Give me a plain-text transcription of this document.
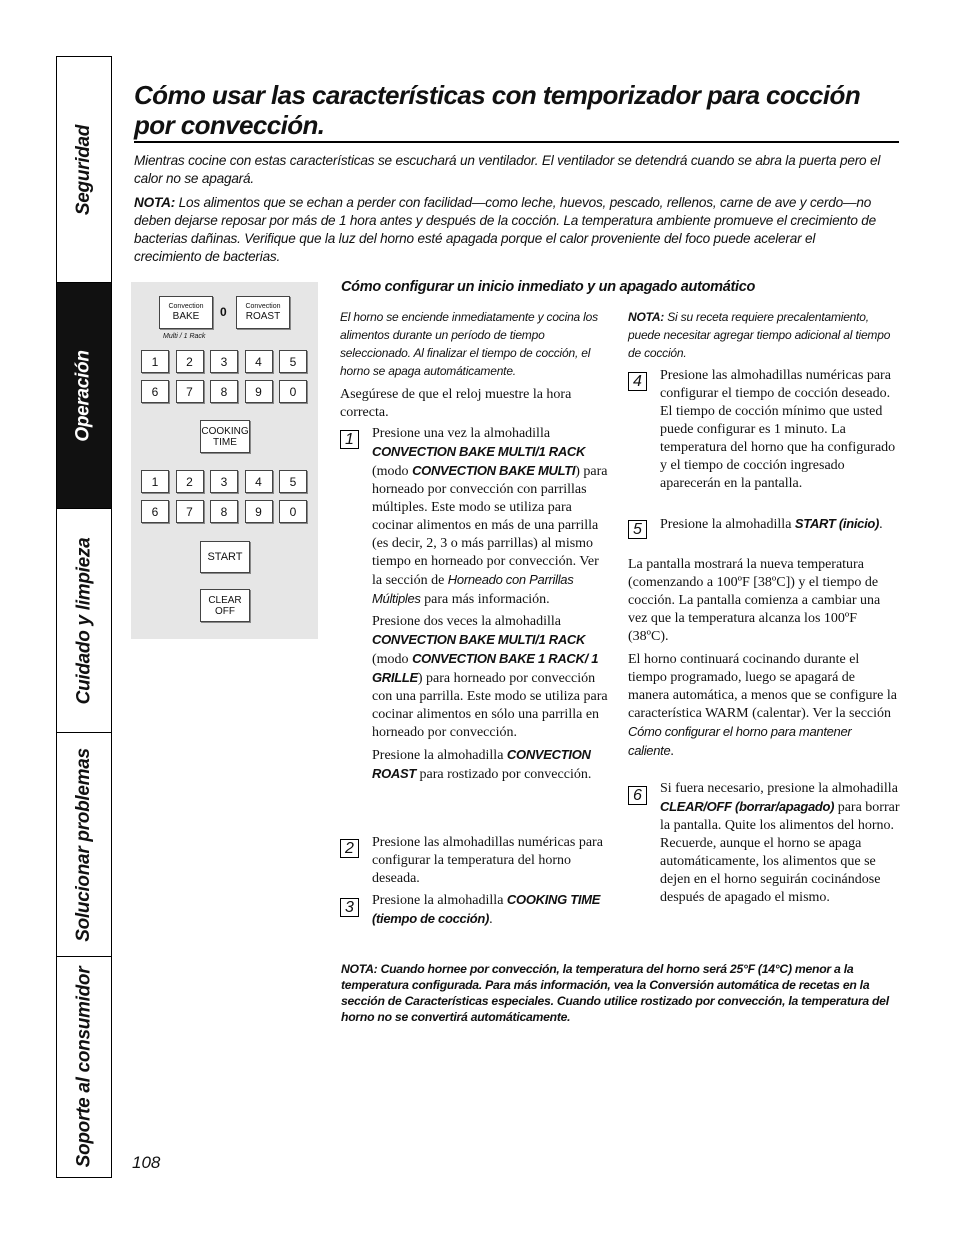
Seguridad
Operación
Cuidado y limpieza
Solucionar problemas
Soporte al consumidor
Cómo usar las características con temporizador para cocción por convección.

Mientras cocine con estas características se escuchará un ventilador. El ventilador se detendrá cuando se abra la puerta pero el calor no se apagará.

NOTA: Los alimentos que se echan a perder con facilidad—como leche, huevos, pescado, rellenos, carne de ave y cerdo—no deben dejarse reposar por más de 1 hora antes y después de la cocción. La temperatura ambiente promueve el crecimiento de bacterias dañinas. Verifique que la luz del horno esté apagada porque el calor proveniente del foco puede acelerar el crecimiento de bacterias.

Convection
BAKE
Multi / 1 Rack
0	Convection
ROAST
1	2	3	4	5
6	7	8	9	0
COOKING
TIME
1	2	3	4	5
6	7	8	9	0
START
CLEAR
OFF
Cómo configurar un inicio inmediato y un apagado automático
El horno se enciende inmediatamente y cocina los alimentos durante un período de tiempo seleccionado. Al finalizar el tiempo de cocción, el horno se apaga automáticamente.
Asegúrese de que el reloj muestre la hora correcta.
1	Presione una vez la almohadilla CONVECTION BAKE MULTI/1 RACK (modo CONVECTION BAKE MULTI) para horneado por convección con parrillas múltiples. Este modo se utiliza para cocinar alimentos en más de una parrilla (es decir, 2, 3 o más parrillas) al mismo tiempo en horneado por convección. Ver la sección de Horneado con Parrillas Múltiples para más información.
Presione dos veces la almohadilla CONVECTION BAKE MULTI/1 RACK (modo CONVECTION BAKE 1 RACK/ 1 GRILLE) para horneado por convección con una parrilla. Este modo se utiliza para cocinar alimentos en sólo una parrilla en horneado por convección.
Presione la almohadilla CONVECTION ROAST para rostizado por convección.
2	Presione las almohadillas numéricas para configurar la temperatura del horno deseada.
3	Presione la almohadilla COOKING TIME (tiempo de cocción).
NOTA: Si su receta requiere precalentamiento, puede necesitar agregar tiempo adicional al tiempo de cocción.
4	Presione las almohadillas numéricas para configurar el tiempo de cocción deseado. El tiempo de cocción mínimo que usted puede configurar es 1 minuto. La temperatura del horno que ha configurado y el tiempo de cocción ingresado aparecerán en la pantalla.
5	Presione la almohadilla START (inicio).
La pantalla mostrará la nueva temperatura (comenzando a 100ºF [38ºC]) y el tiempo de cocción. La pantalla comienza a cambiar una vez que la temperatura alcanza los 100ºF (38ºC).
El horno continuará cocinando durante el tiempo programado, luego se apagará de manera automática, a menos que se configure la característica WARM (calentar). Ver la sección Cómo configurar el horno para mantener caliente.
6	Si fuera necesario, presione la almohadilla CLEAR/OFF (borrar/apagado) para borrar la pantalla. Quite los alimentos del horno. Recuerde, aunque el horno se apaga automáticamente, los alimentos que se dejen en el horno seguirán cocinándose después de apagado el mismo.
NOTA: Cuando hornee por convección, la temperatura del horno será 25°F (14°C) menor a la temperatura configurada. Para más información, vea la Conversión automática de recetas en la sección de Características especiales. Cuando utilice rostizado por convección, la temperatura del horno no se convertirá automáticamente.
108
